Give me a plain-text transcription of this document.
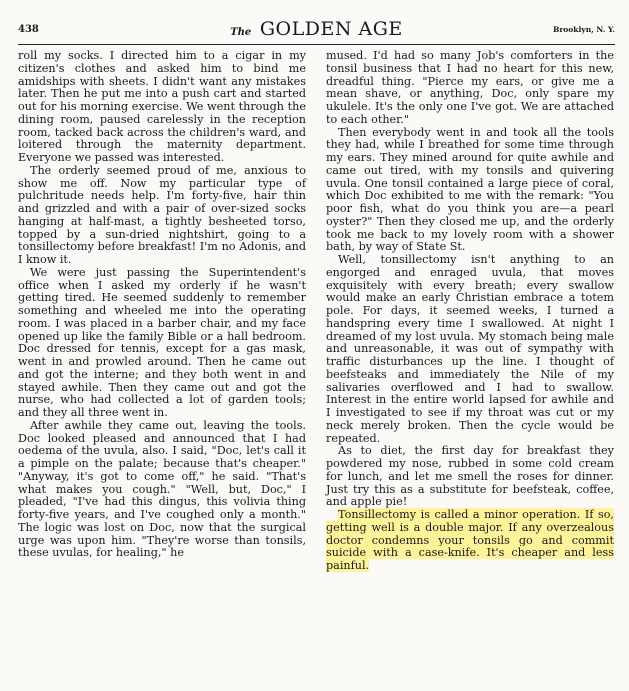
438	The GOLDEN AGE	Brooklyn, N. Y.

roll my socks. I directed him to a cigar in my citizen's clothes and asked him to bind me amidships with sheets. I didn't want any mistakes later. Then he put me into a push cart and started out for his morning exercise. We went through the dining room, paused carelessly in the reception room, tacked back across the children's ward, and loitered through the maternity department. Everyone we passed was interested.

The orderly seemed proud of me, anxious to show me off. Now my particular type of pulchritude needs help. I'm forty-five, hair thin and grizzled and with a pair of over-sized socks hanging at half-mast, a tightly besheeted torso, topped by a sun-dried nightshirt, going to a tonsillectomy before breakfast! I'm no Adonis, and I know it.

We were just passing the Superintendent's office when I asked my orderly if he wasn't getting tired. He seemed suddenly to remember something and wheeled me into the operating room. I was placed in a barber chair, and my face opened up like the family Bible or a hall bedroom. Doc dressed for tennis, except for a gas mask, went in and prowled around. Then he came out and got the interne; and they both went in and stayed awhile. Then they came out and got the nurse, who had collected a lot of garden tools; and they all three went in.

After awhile they came out, leaving the tools. Doc looked pleased and announced that I had oedema of the uvula, also. I said, "Doc, let's call it a pimple on the palate; because that's cheaper." "Anyway, it's got to come off," he said. "That's what makes you cough." "Well, but, Doc," I pleaded, "I've had this dingus, this volivia thing forty-five years, and I've coughed only a month." The logic was lost on Doc, now that the surgical urge was upon him. "They're worse than tonsils, these uvulas, for healing," he

mused. I'd had so many Job's comforters in the tonsil business that I had no heart for this new, dreadful thing. "Pierce my ears, or give me a mean shave, or anything, Doc, only spare my ukulele. It's the only one I've got. We are attached to each other."

Then everybody went in and took all the tools they had, while I breathed for some time through my ears. They mined around for quite awhile and came out tired, with my tonsils and quivering uvula. One tonsil contained a large piece of coral, which Doc exhibited to me with the remark: "You poor fish, what do you think you are—a pearl oyster?" Then they closed me up, and the orderly took me back to my lovely room with a shower bath, by way of State St.

Well, tonsillectomy isn't anything to an engorged and enraged uvula, that moves exquisitely with every breath; every swallow would make an early Christian embrace a totem pole. For days, it seemed weeks, I turned a handspring every time I swallowed. At night I dreamed of my lost uvula. My stomach being male and unreasonable, it was out of sympathy with traffic disturbances up the line. I thought of beefsteaks and immediately the Nile of my salivaries overflowed and I had to swallow. Interest in the entire world lapsed for awhile and I investigated to see if my throat was cut or my neck merely broken. Then the cycle would be repeated.

As to diet, the first day for breakfast they powdered my nose, rubbed in some cold cream for lunch, and let me smell the roses for dinner. Just try this as a substitute for beefsteak, coffee, and apple pie!

Tonsillectomy is called a minor operation. If so, getting well is a double major. If any overzealous doctor condemns your tonsils go and commit suicide with a case-knife. It's cheaper and less painful.
